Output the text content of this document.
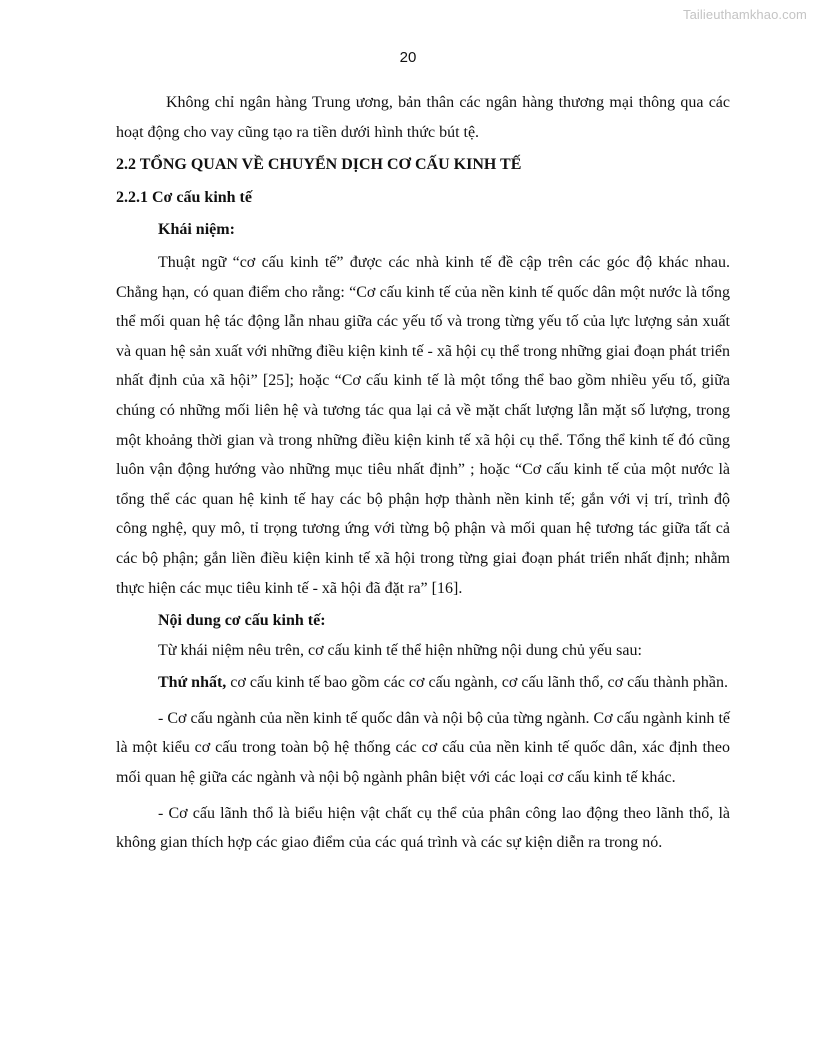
Tailieuthamkhao.com
20

Không chỉ ngân hàng Trung ương, bản thân các ngân hàng thương mại thông qua các hoạt động cho vay cũng tạo ra tiền dưới hình thức bút tệ.

2.2 TỔNG QUAN VỀ CHUYỂN DỊCH CƠ CẤU KINH TẾ

2.2.1 Cơ cấu kinh tế

Khái niệm:

Thuật ngữ “cơ cấu kinh tế” được các nhà kinh tế đề cập trên các góc độ khác nhau. Chẳng hạn, có quan điểm cho rằng: “Cơ cấu kinh tế của nền kinh tế quốc dân một nước là tổng thể mối quan hệ tác động lẫn nhau giữa các yếu tố và trong từng yếu tố của lực lượng sản xuất và quan hệ sản xuất với những điều kiện kinh tế - xã hội cụ thể trong những giai đoạn phát triển nhất định của xã hội” [25]; hoặc “Cơ cấu kinh tế là một tổng thể bao gồm nhiều yếu tố, giữa chúng có những mối liên hệ và tương tác qua lại cả về mặt chất lượng lẫn mặt số lượng, trong một khoảng thời gian và trong những điều kiện kinh tế xã hội cụ thể. Tổng thể kinh tế đó cũng luôn vận động hướng vào những mục tiêu nhất định” ; hoặc “Cơ cấu kinh tế của một nước là tổng thể các quan hệ kinh tế hay các bộ phận hợp thành nền kinh tế; gắn với vị trí, trình độ công nghệ, quy mô, tỉ trọng tương ứng với từng bộ phận và mối quan hệ tương tác giữa tất cả các bộ phận; gắn liền điều kiện kinh tế xã hội trong từng giai đoạn phát triển nhất định; nhằm thực hiện các mục tiêu kinh tế - xã hội đã đặt ra” [16].

Nội dung cơ cấu kinh tế:

Từ khái niệm nêu trên, cơ cấu kinh tế thể hiện những nội dung chủ yếu sau:

Thứ nhất, cơ cấu kinh tế bao gồm các cơ cấu ngành, cơ cấu lãnh thổ, cơ cấu thành phần.

- Cơ cấu ngành của nền kinh tế quốc dân và nội bộ của từng ngành. Cơ cấu ngành kinh tế là một kiểu cơ cấu trong toàn bộ hệ thống các cơ cấu của nền kinh tế quốc dân, xác định theo mối quan hệ giữa các ngành và nội bộ ngành phân biệt với các loại cơ cấu kinh tế khác.

- Cơ cấu lãnh thổ là biểu hiện vật chất cụ thể của phân công lao động theo lãnh thổ, là không gian thích hợp các giao điểm của các quá trình và các sự kiện diễn ra trong nó.
